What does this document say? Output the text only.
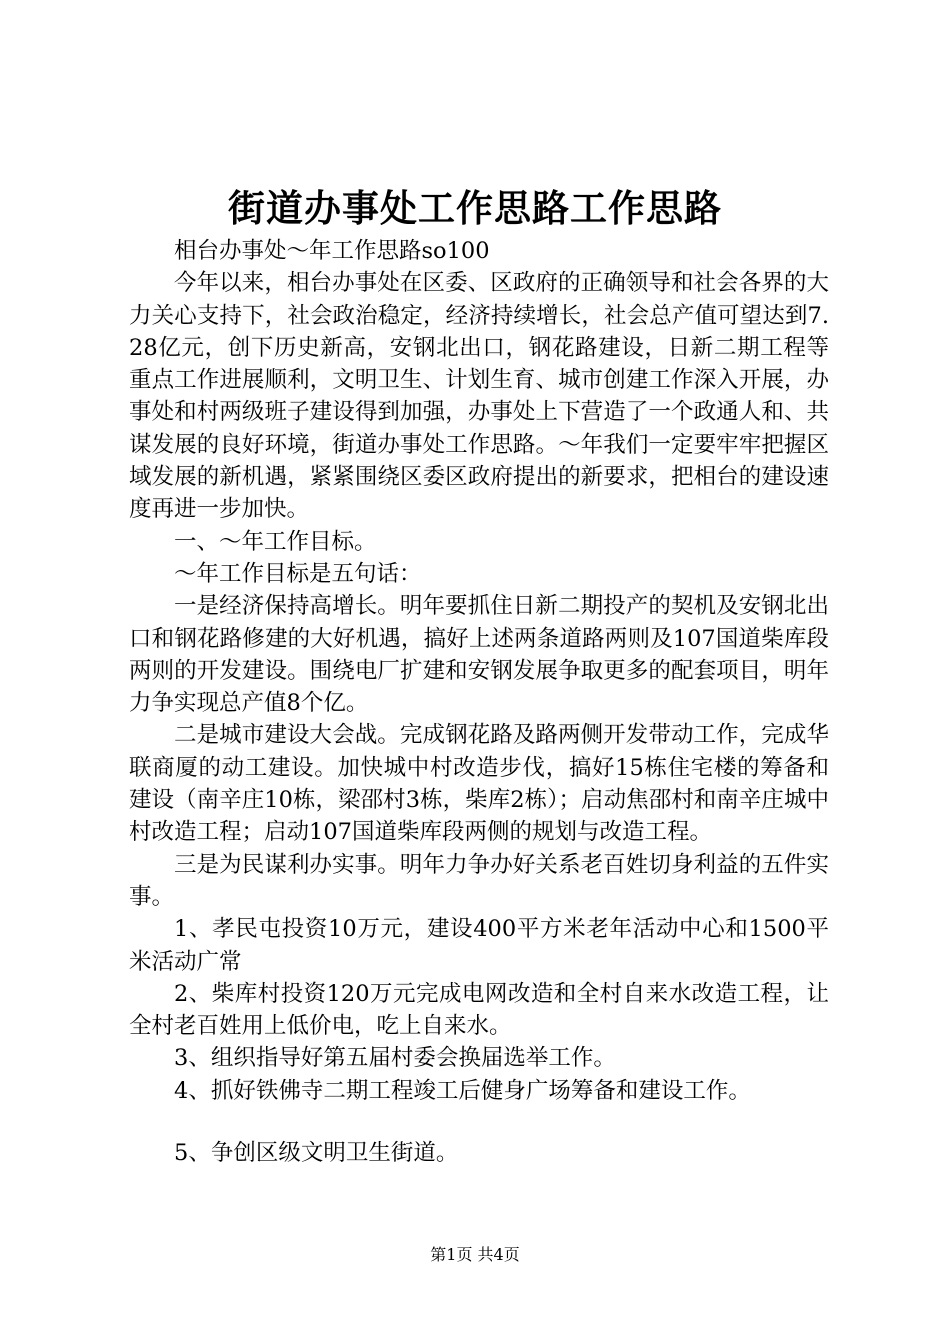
街道办事处工作思路工作思路

相台办事处～年工作思路so100

今年以来，相台办事处在区委、区政府的正确领导和社会各界的大力关心支持下，社会政治稳定，经济持续增长，社会总产值可望达到7.28亿元，创下历史新高，安钢北出口，钢花路建设，日新二期工程等重点工作进展顺利，文明卫生、计划生育、城市创建工作深入开展，办事处和村两级班子建设得到加强，办事处上下营造了一个政通人和、共谋发展的良好环境，街道办事处工作思路。～年我们一定要牢牢把握区域发展的新机遇，紧紧围绕区委区政府提出的新要求，把相台的建设速度再进一步加快。

一、～年工作目标。

～年工作目标是五句话：

一是经济保持高增长。明年要抓住日新二期投产的契机及安钢北出口和钢花路修建的大好机遇，搞好上述两条道路两则及107国道柴库段两则的开发建设。围绕电厂扩建和安钢发展争取更多的配套项目，明年力争实现总产值8个亿。

二是城市建设大会战。完成钢花路及路两侧开发带动工作，完成华联商厦的动工建设。加快城中村改造步伐，搞好15栋住宅楼的筹备和建设（南辛庄10栋，梁邵村3栋，柴库2栋）；启动焦邵村和南辛庄城中村改造工程；启动107国道柴库段两侧的规划与改造工程。

三是为民谋利办实事。明年力争办好关系老百姓切身利益的五件实事。

1、孝民屯投资10万元，建设400平方米老年活动中心和1500平米活动广常

2、柴库村投资120万元完成电网改造和全村自来水改造工程，让全村老百姓用上低价电，吃上自来水。

3、组织指导好第五届村委会换届选举工作。

4、抓好铁佛寺二期工程竣工后健身广场筹备和建设工作。

5、争创区级文明卫生街道。

第1页 共4页
